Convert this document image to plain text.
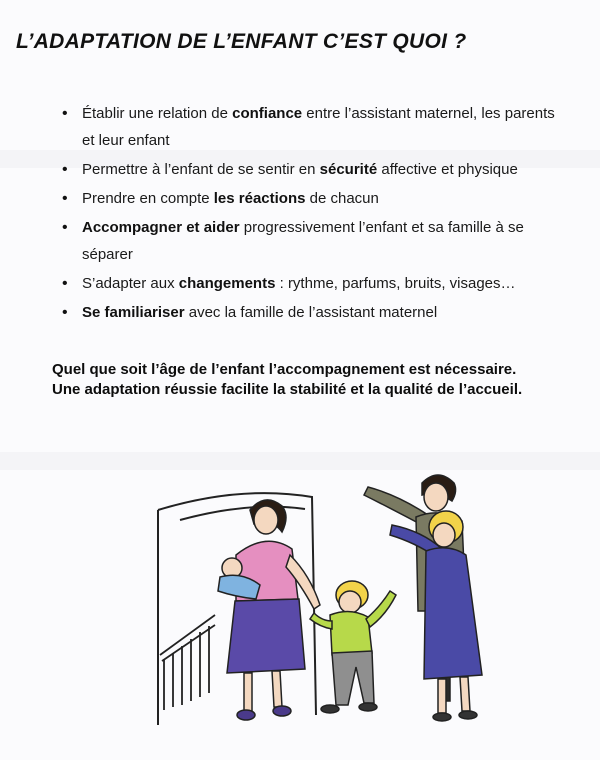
L’ADAPTATION DE L’ENFANT C’EST QUOI ?
• Établir une relation de confiance entre l’assistant maternel, les parents et leur enfant
• Permettre à l’enfant de se sentir en sécurité affective et physique
• Prendre en compte les réactions de chacun
• Accompagner et aider progressivement l’enfant et sa famille à se séparer
• S’adapter aux changements : rythme, parfums, bruits, visages…
• Se familiariser avec la famille de l’assistant maternel
Quel que soit l’âge de l’enfant l’accompagnement est nécessaire.
Une adaptation réussie facilite la stabilité et la qualité de l’accueil.
